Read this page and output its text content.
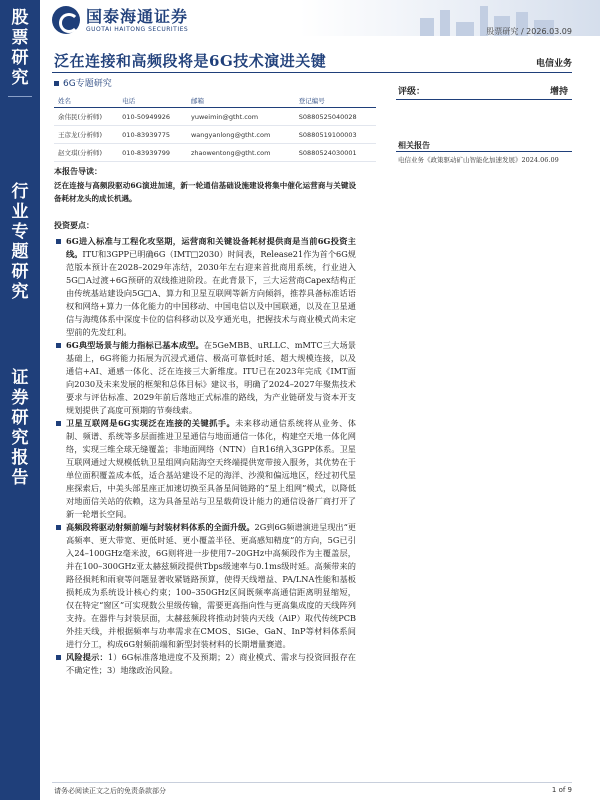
股
票
研
究
行
业
专
题
研
究
证
券
研
究
报
告
国泰海通证券
GUOTAI HAITONG SECURITIES	股票研究 / 2026.03.09
泛在连接和高频段将是6G技术演进关键	电信业务
6G专题研究
姓名	电话	邮箱	登记编号
余伟民(分析师)	010-50949926	yuweimin@gtht.com	S0880525040028
王彦龙(分析师)	010-83939775	wangyanlong@gtht.com	S0880519100003
赵文琪(分析师)	010-83939799	zhaowentong@gtht.com	S0880524030001
评级：	增持
相关报告
电信业务《政策驱动矿山智能化加速发展》2024.06.09
本报告导读：
泛在连接与高频段驱动6G演进加速，新一轮通信基础设施建设将集中催化运营商与关键设备耗材龙头的成长机遇。
投资要点：
6G进入标准与工程化攻坚期，运营商和关键设备耗材提供商是当前6G投资主线。ITU和3GPP已明确6G（IMT□2030）时间表，Release21作为首个6G规范版本预计在2028–2029年冻结，2030年左右迎来首批商用系统，行业进入5G□A过渡+6G预研的双线推进阶段。在此背景下，三大运营商Capex结构正由传统基站建设向5G□A、算力和卫星互联网等新方向倾斜，推荐具备标准话语权和网络+算力一体化能力的中国移动、中国电信以及中国联通，以及在卫星通信与海缆体系中深度卡位的信科移动以及亨通光电，把握技术与商业模式尚未定型前的先发红利。
6G典型场景与能力指标已基本成型。在5GeMBB、uRLLC、mMTC三大场景基础上，6G将能力拓展为沉浸式通信、极高可靠低时延、超大规模连接，以及通信+AI、通感一体化、泛在连接三大新维度。ITU已在2023年完成《IMT面向2030及未来发展的框架和总体目标》建议书，明确了2024–2027年聚焦技术要求与评估标准、2029年前后落地正式标准的路线，为产业链研发与资本开支规划提供了高度可预期的节奏线索。
卫星互联网是6G实现泛在连接的关键抓手。未来移动通信系统将从业务、体制、频谱、系统等多层面推进卫星通信与地面通信一体化，构建空天地一体化网络，实现三维全球无缝覆盖；非地面网络（NTN）自R16纳入3GPP体系。卫星互联网通过大规模低轨卫星组网向陆海空天终端提供宽带接入服务，其优势在于单位面积覆盖成本低，适合基站建设不足的海洋、沙漠和偏远地区，经过初代星座探索后，中美头部星座正加速切换至具备星间链路的“星上组网”模式，以降低对地面信关站的依赖，这为具备星站与卫星载荷设计能力的通信设备厂商打开了新一轮增长空间。
高频段将驱动射频前端与封装材料体系的全面升级。2G到6G频谱演进呈现出“更高频率、更大带宽、更低时延、更小覆盖半径、更高感知精度”的方向，5G已引入24–100GHz毫米波，6G则将进一步使用7–20GHz中高频段作为主覆盖层，并在100–300GHz亚太赫兹频段提供Tbps级速率与0.1ms级时延。高频带来的路径损耗和雨衰等问题显著收紧链路预算，使得天线增益、PA/LNA性能和基板损耗成为系统设计核心约束；100–350GHz区间既频率高通信距离明显缩短，仅在特定“窗区”可实现数公里级传输，需要更高指向性与更高集成度的天线阵列支持。在器件与封装层面，太赫兹频段将推动封装内天线（AiP）取代传统PCB外挂天线，并根据频率与功率需求在CMOS、SiGe、GaN、InP等材料体系间进行分工，构成6G射频前端和新型封装材料的长期增量赛道。
风险提示：1）6G标准落地进度不及预期；2）商业模式、需求与投资回报存在不确定性；3）地缘政治风险。
请务必阅读正文之后的免责条款部分	1 of 9
